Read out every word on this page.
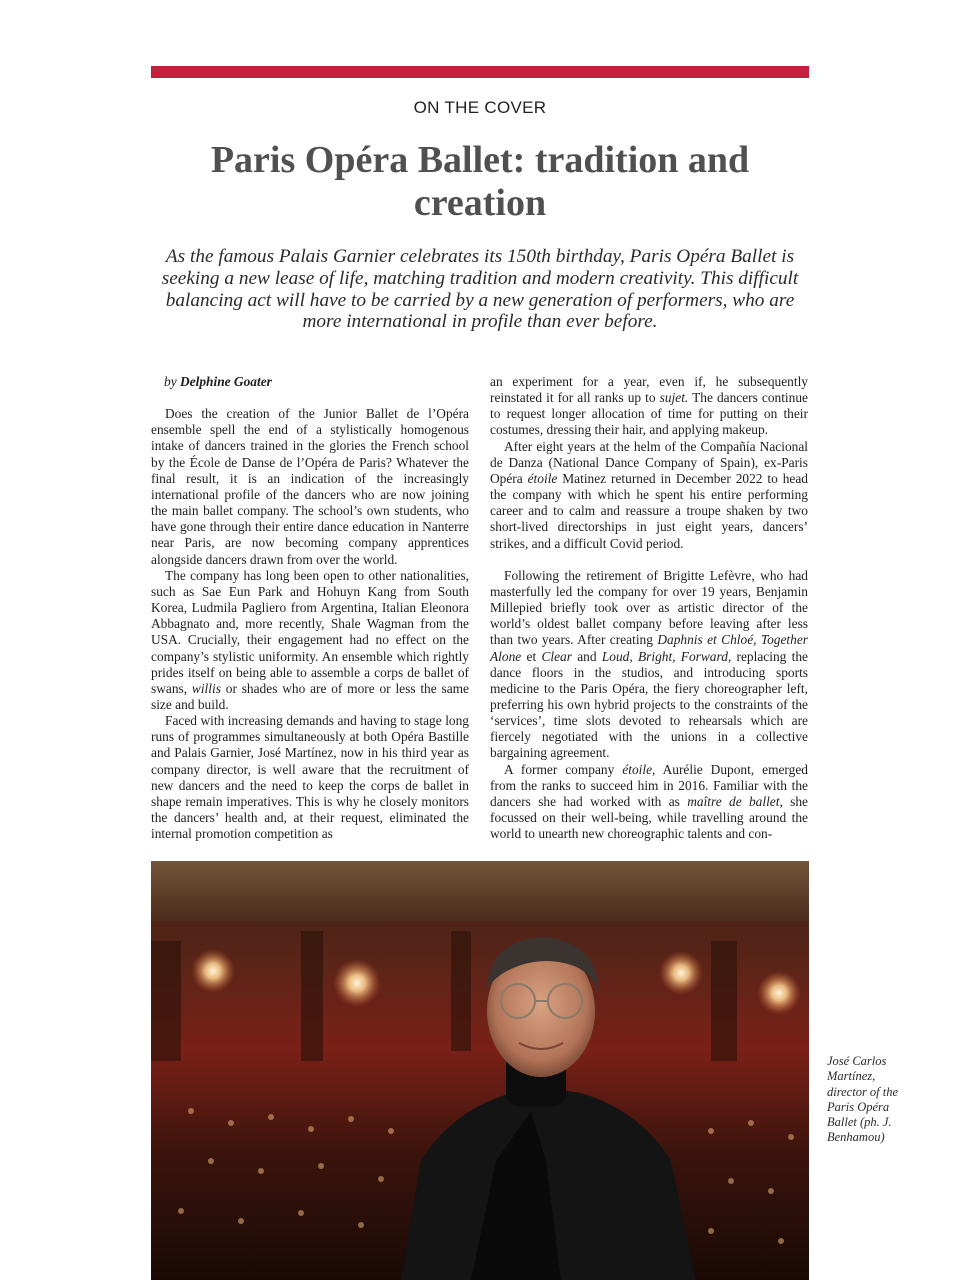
ON THE COVER
Paris Opéra Ballet: tradition and creation

As the famous Palais Garnier celebrates its 150th birthday, Paris Opéra Ballet is seeking a new lease of life, matching tradition and modern creativity. This difficult balancing act will have to be carried by a new generation of performers, who are more international in profile than ever before.

by Delphine Goater

Does the creation of the Junior Ballet de l’Opéra ensemble spell the end of a stylistically homogenous intake of dancers trained in the glories the French school by the École de Danse de l’Opéra de Paris? Whatever the final result, it is an indication of the increasingly international profile of the dancers who are now joining the main ballet company. The school’s own students, who have gone through their entire dance education in Nanterre near Paris, are now becoming company apprentices alongside dancers drawn from over the world.

The company has long been open to other nationalities, such as Sae Eun Park and Hohuyn Kang from South Korea, Ludmila Pagliero from Argentina, Italian Eleonora Abbagnato and, more recently, Shale Wagman from the USA. Crucially, their engagement had no effect on the company’s stylistic uniformity. An ensemble which rightly prides itself on being able to assemble a corps de ballet of swans, willis or shades who are of more or less the same size and build.

Faced with increasing demands and having to stage long runs of programmes simultaneously at both Opéra Bastille and Palais Garnier, José Martínez, now in his third year as company director, is well aware that the recruitment of new dancers and the need to keep the corps de ballet in shape remain imperatives. This is why he closely monitors the dancers’ health and, at their request, eliminated the internal promotion competition as

an experiment for a year, even if, he subsequently reinstated it for all ranks up to sujet. The dancers continue to request longer allocation of time for putting on their costumes, dressing their hair, and applying makeup.

After eight years at the helm of the Compañía Nacional de Danza (National Dance Company of Spain), ex-Paris Opéra étoile Matinez returned in December 2022 to head the company with which he spent his entire performing career and to calm and reassure a troupe shaken by two short-lived directorships in just eight years, dancers’ strikes, and a difficult Covid period.

Following the retirement of Brigitte Lefèvre, who had masterfully led the company for over 19 years, Benjamin Millepied briefly took over as artistic director of the world’s oldest ballet company before leaving after less than two years. After creating Daphnis et Chloé, Together Alone et Clear and Loud, Bright, Forward, replacing the dance floors in the studios, and introducing sports medicine to the Paris Opéra, the fiery choreographer left, preferring his own hybrid projects to the constraints of the ‘services’, time slots devoted to rehearsals which are fiercely negotiated with the unions in a collective bargaining agreement.

A former company étoile, Aurélie Dupont, emerged from the ranks to succeed him in 2016. Familiar with the dancers she had worked with as maître de ballet, she focussed on their well-being, while travelling around the world to unearth new choreographic talents and con-

José Carlos Martínez, director of the Paris Opéra Ballet (ph. J. Benhamou)
